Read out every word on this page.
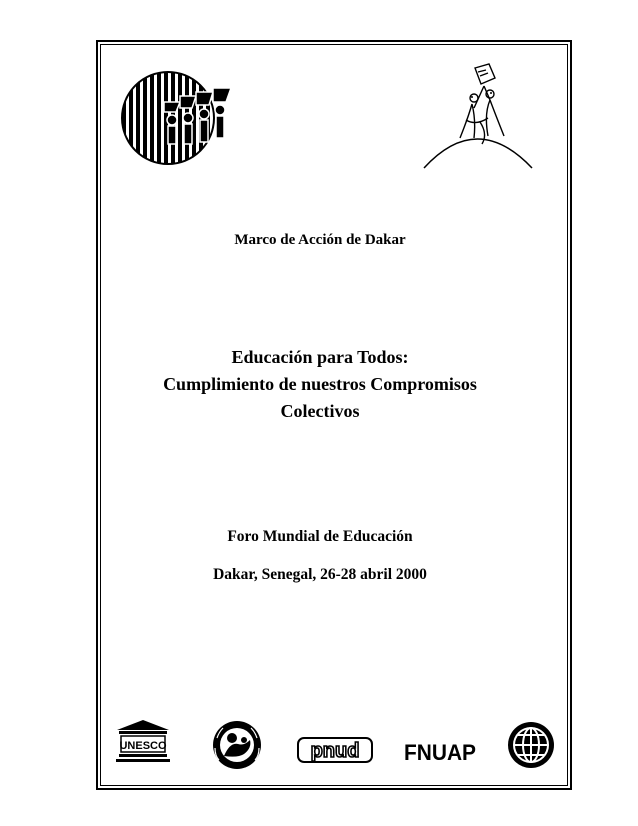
Marco de Acción de Dakar
Educación para Todos:
Cumplimiento de nuestros Compromisos
Colectivos
Foro Mundial de Educación
Dakar, Senegal, 26-28 abril 2000
UNESCO	pnud FNUAP
